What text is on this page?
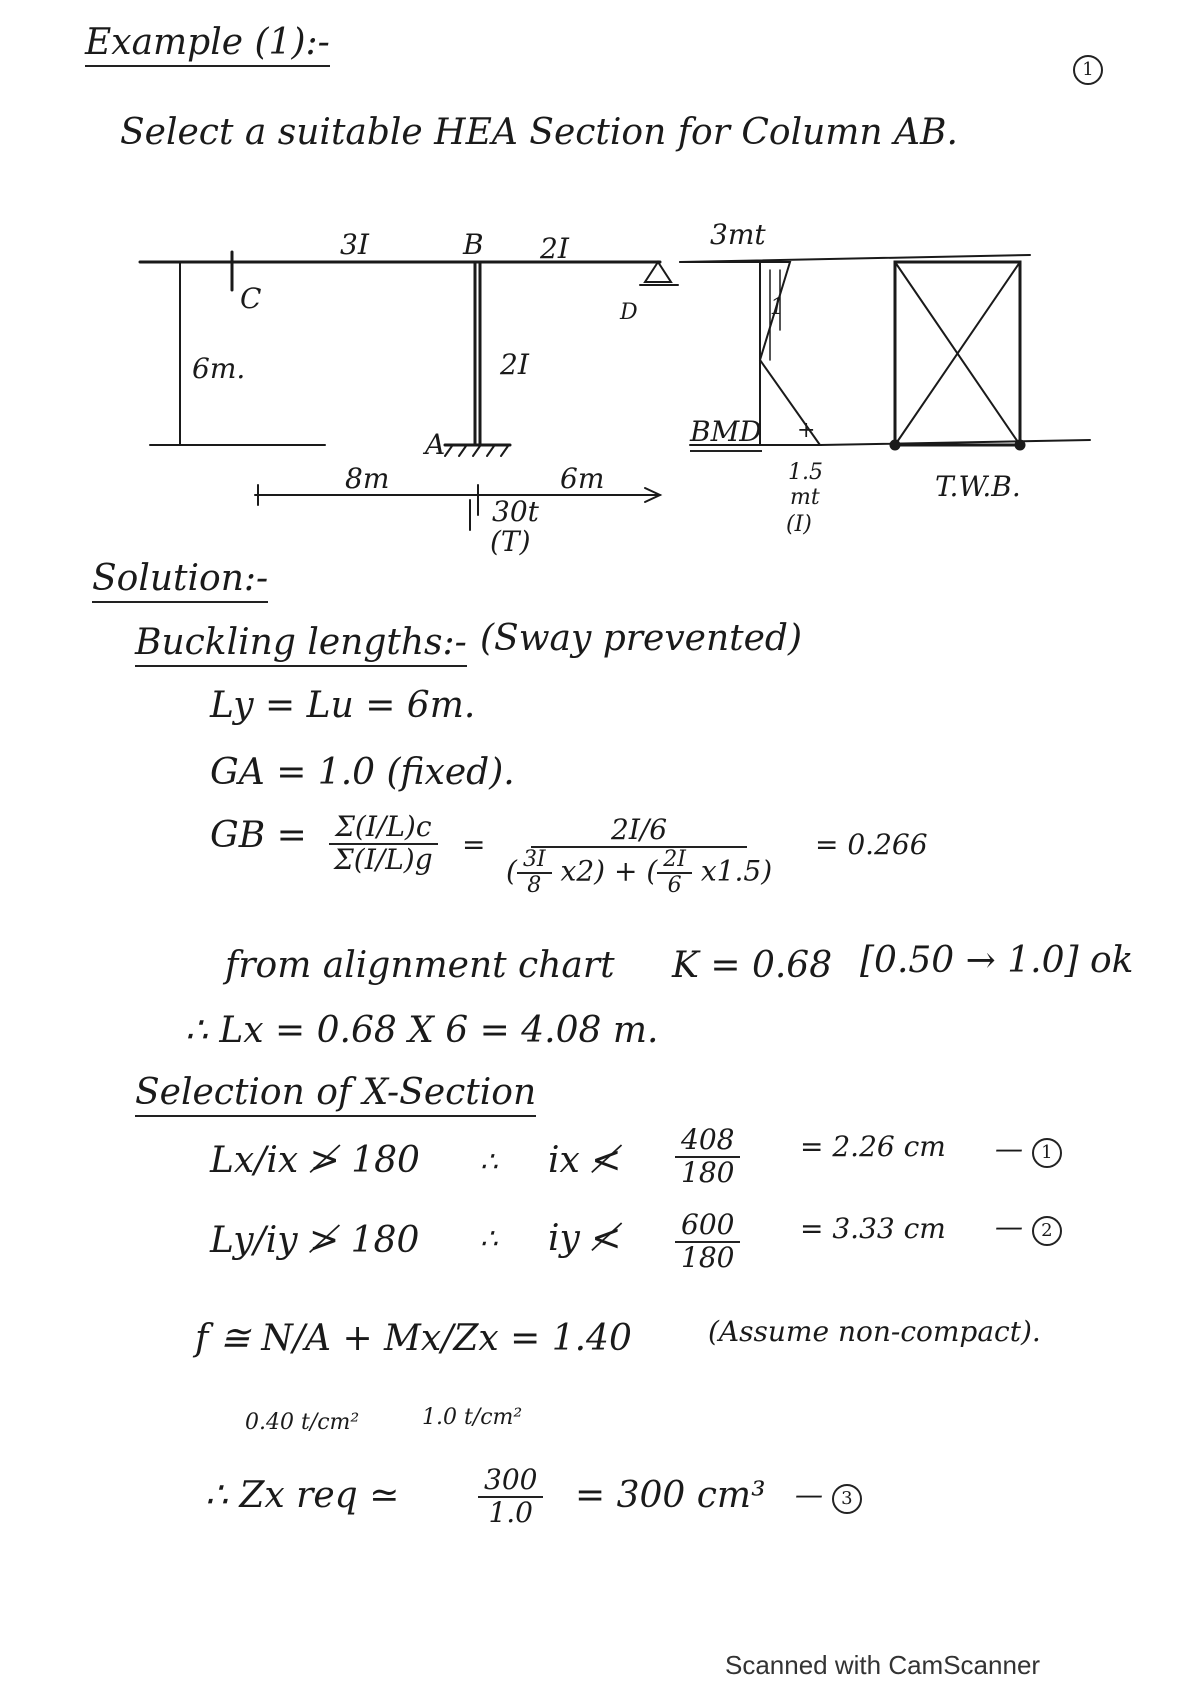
Example (1):-
1
Select a suitable HEA Section for Column AB.
3I	B 2I	3mt
C	D	1
6m.	2I
+
BMD
A
8m	6m	1.5
mt
(I)
T.W.B.
30t
(T)
Solution:-
Buckling lengths:- (Sway prevented)
Ly = Lu = 6m.
GA = 1.0 (fixed).
GB = $\frac{\Sigma(I/L)c}{\Sigma(I/L)g} = \frac{2I/6}{( \frac{3I}{8} x2) + ( \frac{2I}{6} x1.5)} = 0.266$
from alignment chart K = 0.68 [0.50 → 1.0] ok
∴ Lx = 0.68 X 6 = 4.08 m.
Selection of X-Section
Lx/ix ≯ 180 ∴ ix ≮ $\frac{408}{180} = 2.26$ cm — 1
Ly/iy ≯ 180 ∴ iy ≮ $\frac{600}{180} = 3.33$ cm — 2
f ≅ N/A + Mx/Zx = 1.40	(Assume non-compact).
0.40 t/cm²	1.0 t/cm²
∴ Zx req ≃	$\frac{300}{1.0} = 300$ cm³ — 3
Scanned with CamScanner
